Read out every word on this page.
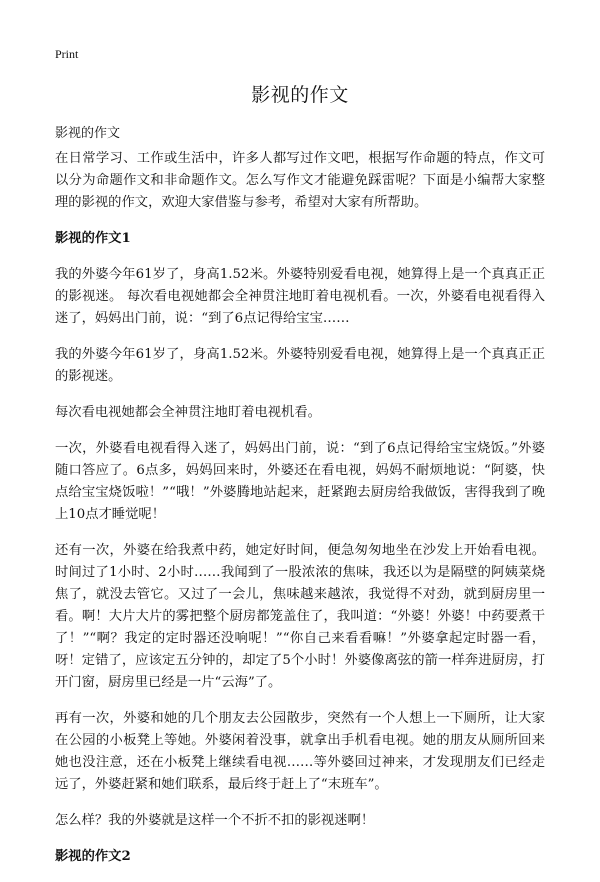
Print
影视的作文

影视的作文

在日常学习、工作或生活中，许多人都写过作文吧，根据写作命题的特点，作文可以分为命题作文和非命题作文。怎么写作文才能避免踩雷呢？下面是小编帮大家整理的影视的作文，欢迎大家借鉴与参考，希望对大家有所帮助。

影视的作文1

我的外婆今年61岁了，身高1.52米。外婆特别爱看电视，她算得上是一个真真正正的影视迷。 每次看电视她都会全神贯注地盯着电视机看。一次，外婆看电视看得入迷了，妈妈出门前，说：“到了6点记得给宝宝……

我的外婆今年61岁了，身高1.52米。外婆特别爱看电视，她算得上是一个真真正正的影视迷。

每次看电视她都会全神贯注地盯着电视机看。

一次，外婆看电视看得入迷了，妈妈出门前，说：“到了6点记得给宝宝烧饭。”外婆随口答应了。6点多，妈妈回来时，外婆还在看电视，妈妈不耐烦地说：“阿婆，快点给宝宝烧饭啦！”“哦！”外婆腾地站起来，赶紧跑去厨房给我做饭，害得我到了晚上10点才睡觉呢！

还有一次，外婆在给我煮中药，她定好时间，便急匆匆地坐在沙发上开始看电视。时间过了1小时、2小时……我闻到了一股浓浓的焦味，我还以为是隔壁的阿姨菜烧焦了，就没去管它。又过了一会儿，焦味越来越浓，我觉得不对劲，就到厨房里一看。啊！大片大片的雾把整个厨房都笼盖住了，我叫道：“外婆！外婆！中药要煮干了！”“啊？我定的定时器还没响呢！”“你自己来看看嘛！”外婆拿起定时器一看，呀！定错了，应该定五分钟的，却定了5个小时！外婆像离弦的箭一样奔进厨房，打开门窗，厨房里已经是一片“云海”了。

再有一次，外婆和她的几个朋友去公园散步，突然有一个人想上一下厕所，让大家在公园的小板凳上等她。外婆闲着没事，就拿出手机看电视。她的朋友从厕所回来她也没注意，还在小板凳上继续看电视……等外婆回过神来，才发现朋友们已经走远了，外婆赶紧和她们联系，最后终于赶上了“末班车”。

怎么样？我的外婆就是这样一个不折不扣的影视迷啊！

影视的作文2
